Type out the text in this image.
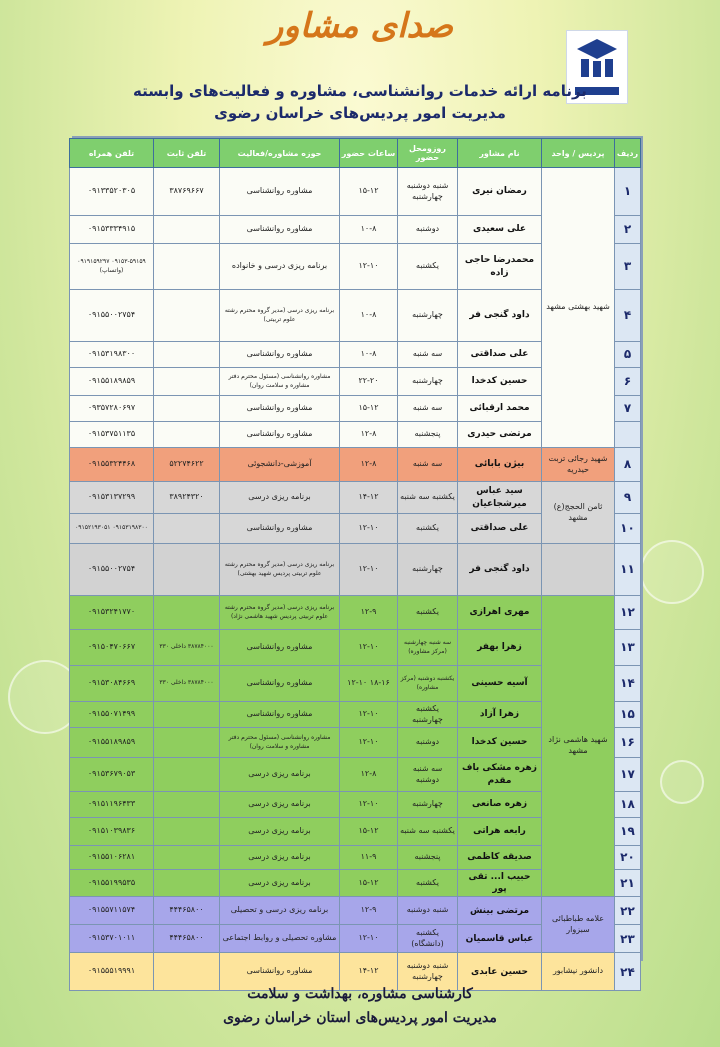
صدای مشاور
برنامه ارائه خدمات روانشناسی، مشاوره و فعالیت‌های وابسته
مدیریت امور پردیس‌های خراسان رضوی
ردیف	پردیس / واحد	نام مشاور	روزومحل حضور	ساعات حضور	حوزه مشاوره/فعالیت	تلفن ثابت	تلفن همراه
۱	شهید بهشتی مشهد	رمضان نیری	شنبه دوشنبه چهارشنبه	۱۵-۱۲	مشاوره روانشناسی	۳۸۷۶۹۶۶۷	۰۹۱۳۳۵۲۰۳۰۵
۲		علی سعیدی	دوشنبه	۱۰-۸	مشاوره روانشناسی		۰۹۱۵۳۳۳۴۹۱۵
۳		محمدرضا حاجی زاده	یکشنبه	۱۲-۱۰	برنامه ریزی درسی و خانواده		۰۹۱۵۳-۵۹۱۵۹ ۰۹۱۹۱۵۹۲۹۷ (واتساپ)
۴		داود گنجی فر	چهارشنبه	۱۰-۸	برنامه ریزی درسی (مدیر گروه محترم رشته علوم تربیتی)		۰۹۱۵۵۰۰۲۷۵۴
۵		علی صداقتی	سه شنبه	۱۰-۸	مشاوره روانشناسی		۰۹۱۵۳۱۹۸۳۰۰
۶		حسین کدخدا	چهارشنبه	۲۲-۲۰	مشاوره روانشناسی (مسئول محترم دفتر مشاوره و سلامت روان)		۰۹۱۵۵۱۸۹۸۵۹
۷		محمد ارقبائی	سه شنبه	۱۵-۱۲	مشاوره روانشناسی		۰۹۳۵۷۲۸۰۶۹۷
		مرتضی حیدری	پنجشنبه	۱۲-۸	مشاوره روانشناسی		۰۹۱۵۳۷۵۱۱۳۵
۸	شهید رجائی تربت حیدریه	بیژن بابائی	سه شنبه	۱۲-۸	آموزشی-دانشجوئی	۵۲۲۷۴۶۲۲	۰۹۱۵۵۳۲۴۴۶۸
۹	ثامن الحجج(ع) مشهد	سید عباس میرشجاعیان	یکشنبه سه شنبه	۱۴-۱۲	برنامه ریزی درسی	۳۸۹۲۴۳۲۰	۰۹۱۵۳۱۳۷۲۹۹
۱۰		علی صداقتی	یکشنبه	۱۲-۱۰	مشاوره روانشناسی		۰۹۱۵۳۱۹۸۳۰۰ ۰۹۱۵۲۱۹۳۰۵۱
۱۱		داود گنجی فر	چهارشنبه	۱۲-۱۰	برنامه ریزی درسی (مدیر گروه محترم رشته علوم تربیتی پردیس شهید بهشتی)		۰۹۱۵۵۰۰۲۷۵۴
۱۲	شهید هاشمی نژاد مشهد	مهری اهرازی	یکشنبه	۱۲-۹	برنامه ریزی درسی (مدیر گروه محترم رشته علوم تربیتی پردیس شهید هاشمی نژاد)		۰۹۱۵۳۲۴۱۷۷۰
۱۳		زهرا بهفر	سه شنبه چهارشنبه (مرکز مشاوره)	۱۲-۱۰	مشاوره روانشناسی	۳۸۷۸۴۰۰۰ داخلی ۳۳۰	۰۹۱۵۰۴۷۰۶۶۷
۱۴		آسیه حسینی	یکشنبه دوشنبه (مرکز مشاوره)	۱۸-۱۶ ۱۲-۱۰	مشاوره روانشناسی	۳۸۷۸۴۰۰۰ داخلی ۳۳۰	۰۹۱۵۳۰۸۴۶۶۹
۱۵		زهرا آزاد	یکشنبه چهارشنبه	۱۲-۱۰	مشاوره روانشناسی		۰۹۱۵۵۰۷۱۴۹۹
۱۶		حسین کدخدا	دوشنبه	۱۲-۱۰	مشاوره روانشناسی (مسئول محترم دفتر مشاوره و سلامت روان)		۰۹۱۵۵۱۸۹۸۵۹
۱۷		زهره مشکی باف مقدم	سه شنبه دوشنبه	۱۲-۸	برنامه ریزی درسی		۰۹۱۵۳۶۷۹۰۵۳
۱۸		زهره صانعی	چهارشنبه	۱۲-۱۰	برنامه ریزی درسی		۰۹۱۵۱۱۹۶۴۳۳
۱۹		رابعه هراتی	یکشنبه سه شنبه	۱۵-۱۲	برنامه ریزی درسی		۰۹۱۵۱۰۳۹۸۳۶
۲۰		صدیقه کاظمی	پنجشنبه	۱۱-۹	برنامه ریزی درسی		۰۹۱۵۵۱۰۶۲۸۱
۲۱		حبیب ا... تقی پور	یکشنبه	۱۵-۱۲	برنامه ریزی درسی		۰۹۱۵۵۱۹۹۵۳۵
۲۲	علامه طباطبائی سبزوار	مرتضی بینش	شنبه دوشنبه	۱۲-۹	برنامه ریزی درسی و تحصیلی	۴۴۴۶۵۸۰۰	۰۹۱۵۵۷۱۱۵۷۴
۲۳		عباس قاسمیان	یکشنبه (دانشگاه)	۱۲-۱۰	مشاوره تحصیلی و روابط اجتماعی	۴۴۴۶۵۸۰۰	۰۹۱۵۳۷۰۱۰۱۱
۲۴	دانشور نیشابور	حسین عابدی	شنبه دوشنبه چهارشنبه	۱۴-۱۲	مشاوره روانشناسی		۰۹۱۵۵۵۱۹۹۹۱
کارشناسی مشاوره، بهداشت و سلامت
مدیریت امور پردیس‌های استان خراسان رضوی
